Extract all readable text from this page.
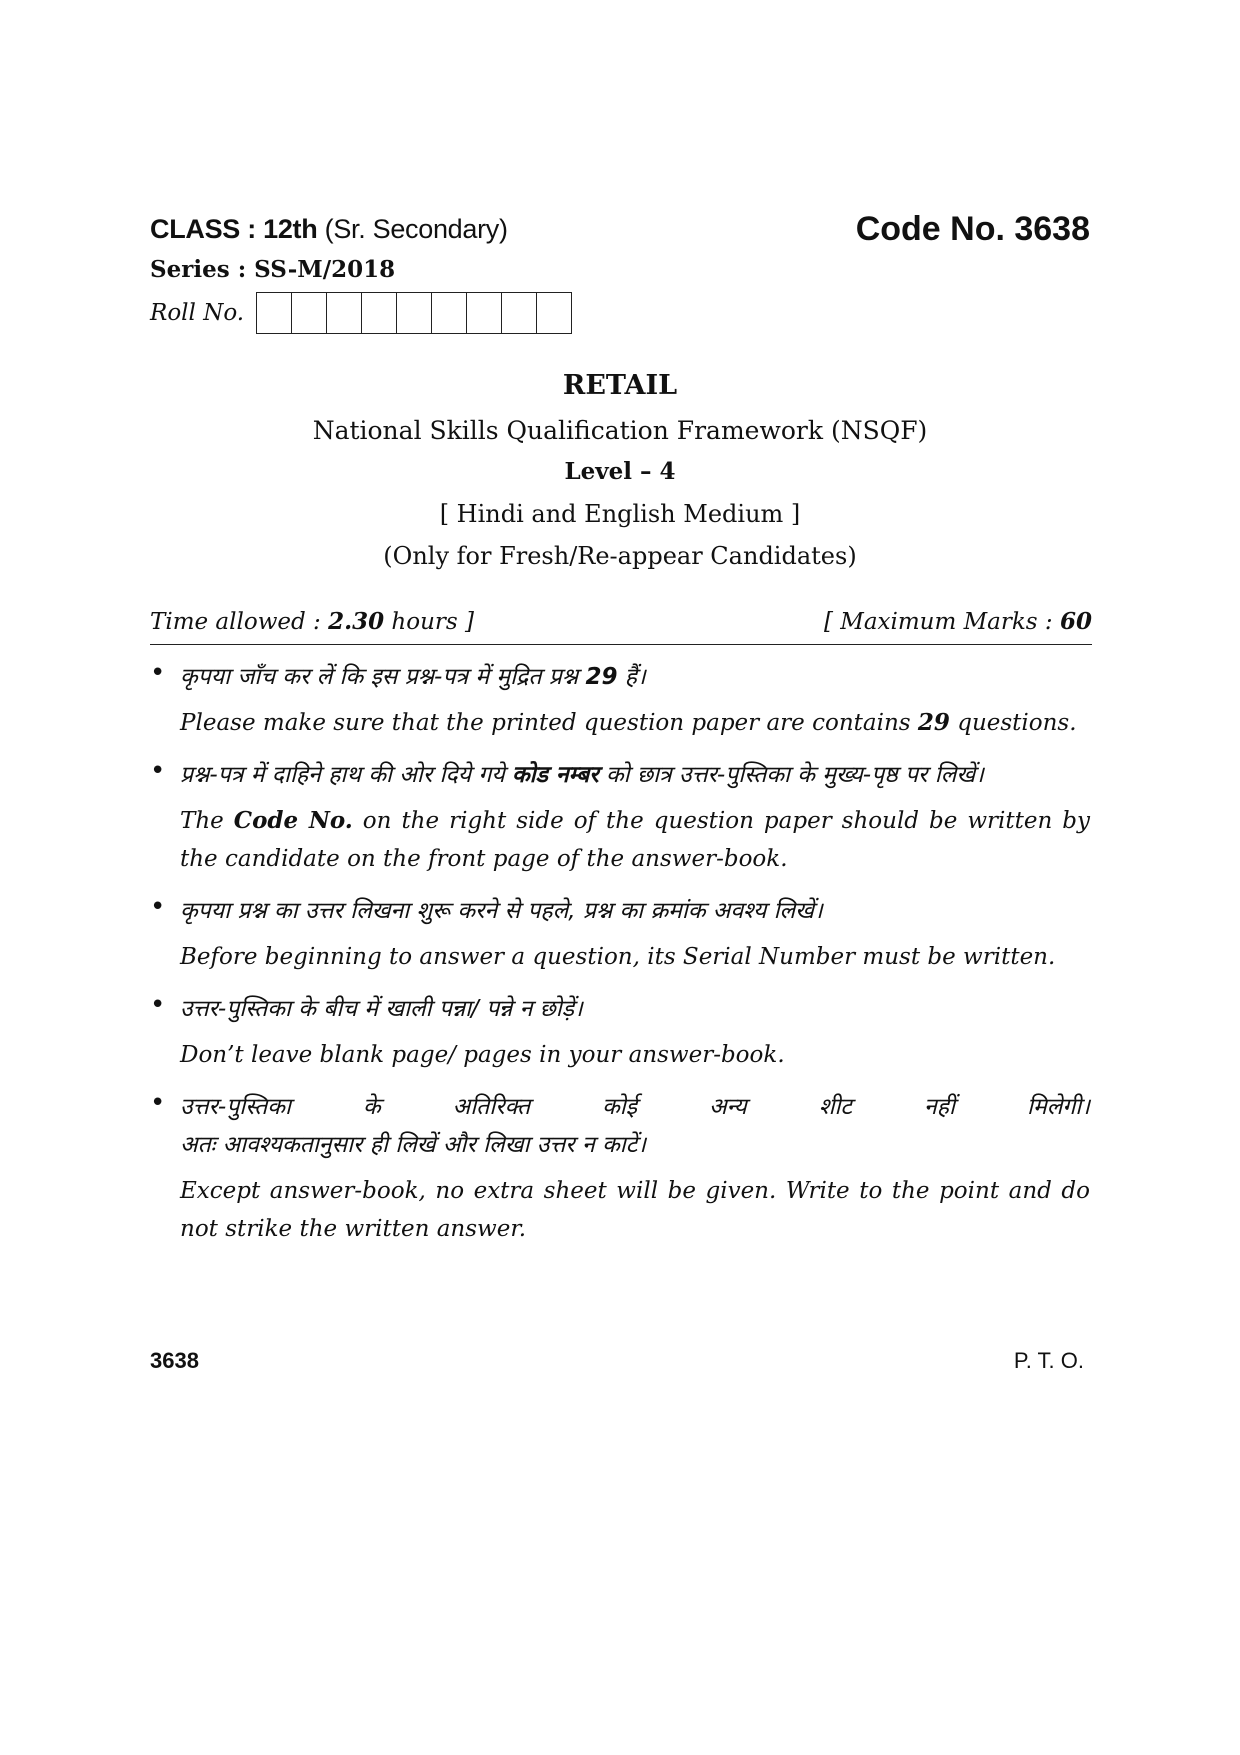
CLASS : 12th (Sr. Secondary)	Code No. 3638
Series : SS-M/2018
Roll No.
RETAIL
National Skills Qualification Framework (NSQF)
Level – 4
[ Hindi and English Medium ]
(Only for Fresh/Re-appear Candidates)
Time allowed : 2.30 hours ]	[ Maximum Marks : 60
• कृपया जाँच कर लें कि इस प्रश्न-पत्र में मुद्रित प्रश्न 29 हैं।
Please make sure that the printed question paper are contains 29 questions.
• प्रश्न-पत्र में दाहिने हाथ की ओर दिये गये कोड नम्बर को छात्र उत्तर-पुस्तिका के मुख्य-पृष्ठ पर लिखें।
The Code No. on the right side of the question paper should be written by the candidate on the front page of the answer-book.
• कृपया प्रश्न का उत्तर लिखना शुरू करने से पहले, प्रश्न का क्रमांक अवश्य लिखें।
Before beginning to answer a question, its Serial Number must be written.
• उत्तर-पुस्तिका के बीच में खाली पन्ना/ पन्ने न छोड़ें।
Don’t leave blank page/ pages in your answer-book.
• उत्तर-पुस्तिका	के	अतिरिक्त	कोई	अन्य	शीट	नहीं	मिलेगी।
अतः आवश्यकतानुसार ही लिखें और लिखा उत्तर न काटें।
Except answer-book, no extra sheet will be given. Write to the point and do not strike the written answer.
3638	P. T. O.
